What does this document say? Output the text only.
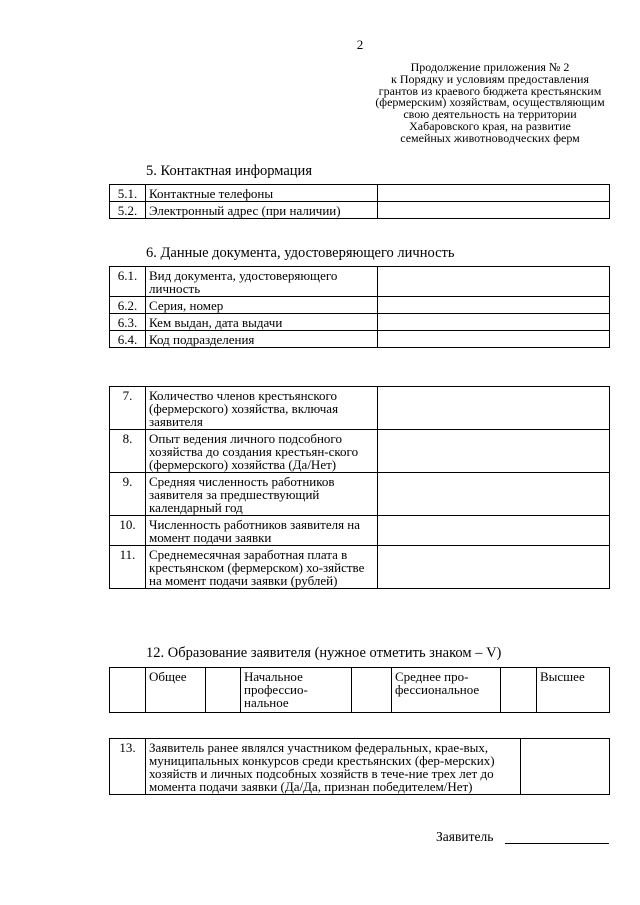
2
Продолжение приложения № 2
к Порядку и условиям предоставления
грантов из краевого бюджета крестьянским
(фермерским) хозяйствам, осуществляющим
свою деятельность на территории
Хабаровского края, на развитие
семейных животноводческих ферм
5. Контактная информация
5.1.	Контактные телефоны	
5.2.	Электронный адрес (при наличии)	
6. Данные документа, удостоверяющего личность
6.1.	Вид документа, удостоверяющего личность	
6.2.	Серия, номер	
6.3.	Кем выдан, дата выдачи	
6.4.	Код подразделения	
7.	Количество членов крестьянского (фермерского) хозяйства, включая заявителя	
8.	Опыт ведения личного подсобного хозяйства до создания крестьян-ского (фермерского) хозяйства (Да/Нет)	
9.	Средняя численность работников заявителя за предшествующий календарный год	
10.	Численность работников заявителя на момент подачи заявки	
11.	Среднемесячная заработная плата в крестьянском (фермерском) хо-зяйстве на момент подачи заявки (рублей)	
12. Образование заявителя (нужное отметить знаком – V)
	Общее		Начальное профессио-нальное		Среднее про-фессиональное		Высшее
13.	Заявитель ранее являлся участником федеральных, крае-вых, муниципальных конкурсов среди крестьянских (фер-мерских) хозяйств и личных подсобных хозяйств в тече-ние трех лет до момента подачи заявки (Да/Да, признан победителем/Нет)	
Заявитель
